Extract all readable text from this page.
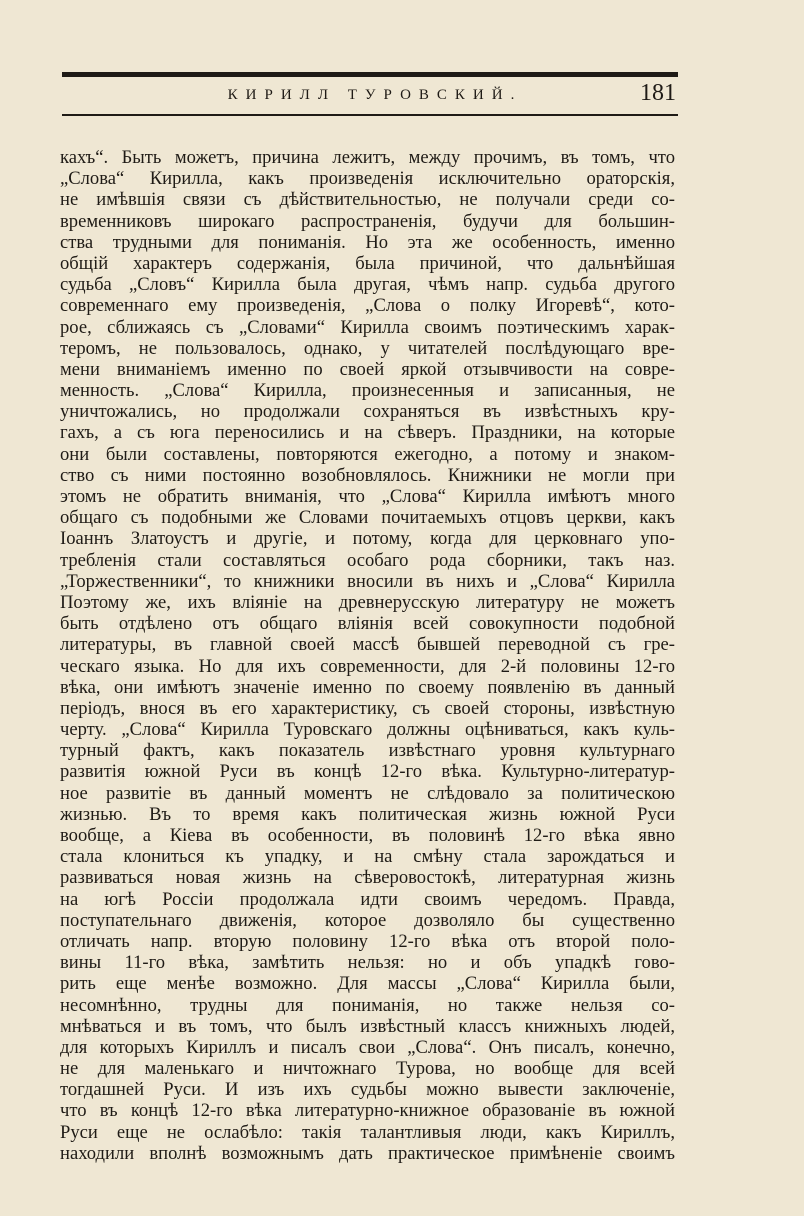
КИРИЛЛ ТУРОВСКИЙ.	181
кахъ“. Быть можетъ, причина лежитъ, между прочимъ, въ томъ, что
„Слова“ Кирилла, какъ произведенія исключительно ораторскія,
не имѣвшія связи съ дѣйствительностью, не получали среди со-
временниковъ широкаго распространенія, будучи для большин-
ства трудными для пониманія. Но эта же особенность, именно
общій характеръ содержанія, была причиной, что дальнѣйшая
судьба „Словъ“ Кирилла была другая, чѣмъ напр. судьба другого
современнаго ему произведенія, „Слова о полку Игоревѣ“, кото-
рое, сближаясь съ „Словами“ Кирилла своимъ поэтическимъ харак-
теромъ, не пользовалось, однако, у читателей послѣдующаго вре-
мени вниманіемъ именно по своей яркой отзывчивости на совре-
менность. „Слова“ Кирилла, произнесенныя и записанныя, не
уничтожались, но продолжали сохраняться въ извѣстныхъ кру-
гахъ, а съ юга переносились и на сѣверъ. Праздники, на которые
они были составлены, повторяются ежегодно, а потому и знаком-
ство съ ними постоянно возобновлялось. Книжники не могли при
этомъ не обратить вниманія, что „Слова“ Кирилла имѣютъ много
общаго съ подобными же Словами почитаемыхъ отцовъ церкви, какъ
Іоаннъ Златоустъ и другіе, и потому, когда для церковнаго упо-
требленія стали составляться особаго рода сборники, такъ наз.
„Торжественники“, то книжники вносили въ нихъ и „Слова“ Кирилла
Поэтому же, ихъ вліяніе на древнерусскую литературу не можетъ
быть отдѣлено отъ общаго вліянія всей совокупности подобной
литературы, въ главной своей массѣ бывшей переводной съ гре-
ческаго языка. Но для ихъ современности, для 2-й половины 12-го
вѣка, они имѣютъ значеніе именно по своему появленію въ данный
періодъ, внося въ его характеристику, съ своей стороны, извѣстную
черту. „Слова“ Кирилла Туровскаго должны оцѣниваться, какъ куль-
турный фактъ, какъ показатель извѣстнаго уровня культурнаго
развитія южной Руси въ концѣ 12-го вѣка. Культурно-литератур-
ное развитіе въ данный моментъ не слѣдовало за политическою
жизнью. Въ то время какъ политическая жизнь южной Руси
вообще, а Кіева въ особенности, въ половинѣ 12-го вѣка явно
стала клониться къ упадку, и на смѣну стала зарождаться и
развиваться новая жизнь на сѣверовостокѣ, литературная жизнь
на югѣ Россіи продолжала идти своимъ чередомъ. Правда,
поступательнаго движенія, которое дозволяло бы существенно
отличать напр. вторую половину 12-го вѣка отъ второй поло-
вины 11-го вѣка, замѣтить нельзя: но и объ упадкѣ гово-
рить еще менѣе возможно. Для массы „Слова“ Кирилла были,
несомнѣнно, трудны для пониманія, но также нельзя со-
мнѣваться и въ томъ, что былъ извѣстный классъ книжныхъ людей,
для которыхъ Кириллъ и писалъ свои „Слова“. Онъ писалъ, конечно,
не для маленькаго и ничтожнаго Турова, но вообще для всей
тогдашней Руси. И изъ ихъ судьбы можно вывести заключеніе,
что въ концѣ 12-го вѣка литературно-книжное образованіе въ южной
Руси еще не ослабѣло: такія талантливыя люди, какъ Кириллъ,
находили вполнѣ возможнымъ дать практическое примѣненіе своимъ
